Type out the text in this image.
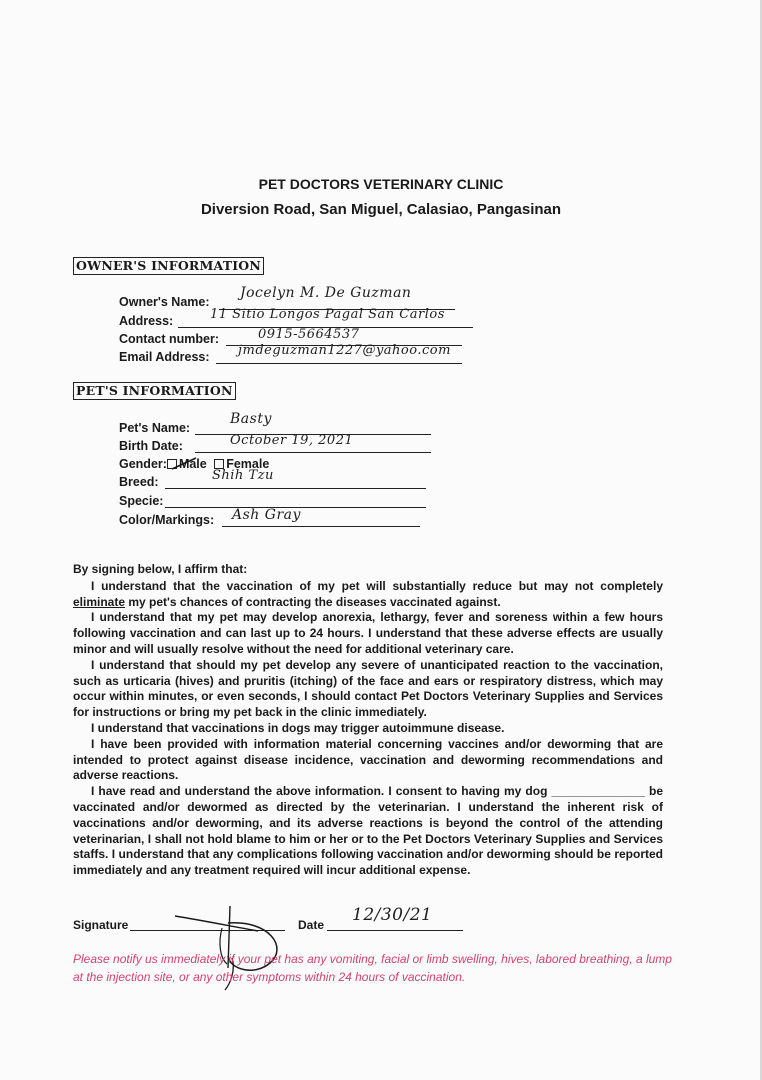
PET DOCTORS VETERINARY CLINIC
Diversion Road, San Miguel, Calasiao, Pangasinan
OWNER'S INFORMATION
Owner's Name:
Jocelyn M. De Guzman
Address:	11 Sitio Longos Pagal San Carlos
Contact number:	0915-5664537
Email Address: jmdeguzman1227@yahoo.com
PET'S INFORMATION
Pet's Name:
Basty
Birth Date:	October 19, 2021
Gender: Male Female
Breed:	Shih Tzu
Specie:
Color/Markings: Ash Gray

By signing below, I affirm that:

I understand that the vaccination of my pet will substantially reduce but may not completely eliminate my pet's chances of contracting the diseases vaccinated against.

I understand that my pet may develop anorexia, lethargy, fever and soreness within a few hours following vaccination and can last up to 24 hours. I understand that these adverse effects are usually minor and will usually resolve without the need for additional veterinary care.

I understand that should my pet develop any severe of unanticipated reaction to the vaccination, such as urticaria (hives) and pruritis (itching) of the face and ears or respiratory distress, which may occur within minutes, or even seconds, I should contact Pet Doctors Veterinary Supplies and Services for instructions or bring my pet back in the clinic immediately.

I understand that vaccinations in dogs may trigger autoimmune disease.

I have been provided with information material concerning vaccines and/or deworming that are intended to protect against disease incidence, vaccination and deworming recommendations and adverse reactions.

I have read and understand the above information. I consent to having my dog ______________ be vaccinated and/or dewormed as directed by the veterinarian. I understand the inherent risk of vaccinations and/or deworming, and its adverse reactions is beyond the control of the attending veterinarian, I shall not hold blame to him or her or to the Pet Doctors Veterinary Supplies and Services staffs. I understand that any complications following vaccination and/or deworming should be reported immediately and any treatment required will incur additional expense.

Signature	Date 12/30/21
Please notify us immediately if your pet has any vomiting, facial or limb swelling, hives, labored breathing, a lump at the injection site, or any other symptoms within 24 hours of vaccination.
